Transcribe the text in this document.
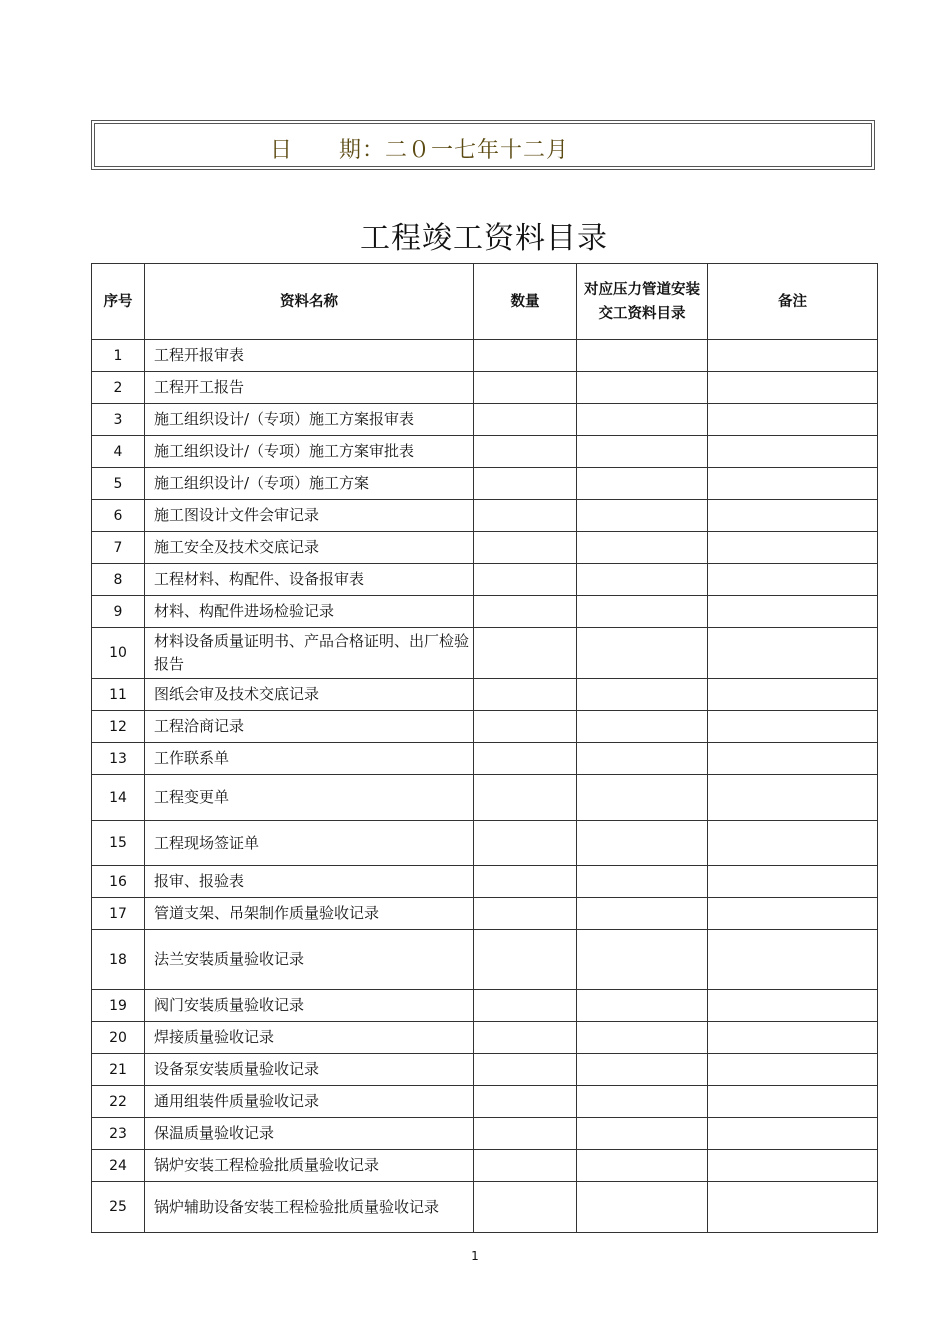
日　　期：二０一七年十二月
工程竣工资料目录
序号	资料名称	数量	对应压力管道安装交工资料目录	备注
1	工程开报审表			
2	工程开工报告			
3	施工组织设计/（专项）施工方案报审表			
4	施工组织设计/（专项）施工方案审批表			
5	施工组织设计/（专项）施工方案			
6	施工图设计文件会审记录			
7	施工安全及技术交底记录			
8	工程材料、构配件、设备报审表			
9	材料、构配件进场检验记录			
10	材料设备质量证明书、产品合格证明、出厂检验报告			
11	图纸会审及技术交底记录			
12	工程洽商记录			
13	工作联系单			
14	工程变更单			
15	工程现场签证单			
16	报审、报验表			
17	管道支架、吊架制作质量验收记录			
18	法兰安装质量验收记录			
19	阀门安装质量验收记录			
20	焊接质量验收记录			
21	设备泵安装质量验收记录			
22	通用组装件质量验收记录			
23	保温质量验收记录			
24	锅炉安装工程检验批质量验收记录			
25	锅炉辅助设备安装工程检验批质量验收记录			
1
